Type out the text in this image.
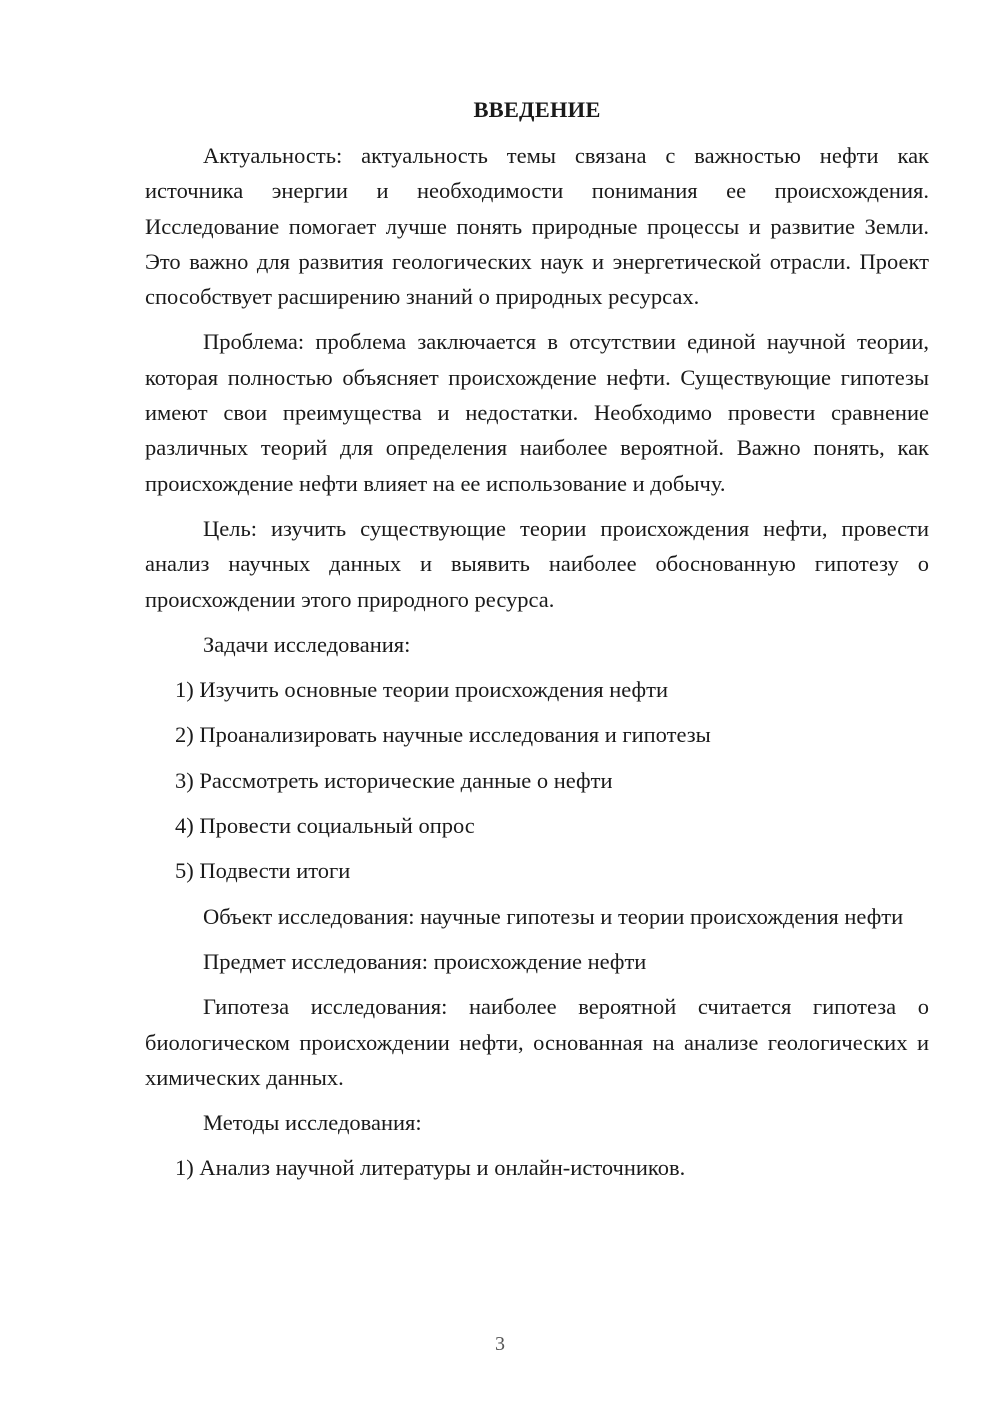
ВВЕДЕНИЕ

Актуальность: актуальность темы связана с важностью нефти как источника энергии и необходимости понимания ее происхождения. Исследование помогает лучше понять природные процессы и развитие Земли. Это важно для развития геологических наук и энергетической отрасли. Проект способствует расширению знаний о природных ресурсах.

Проблема: проблема заключается в отсутствии единой научной теории, которая полностью объясняет происхождение нефти. Существующие гипотезы имеют свои преимущества и недостатки. Необходимо провести сравнение различных теорий для определения наиболее вероятной. Важно понять, как происхождение нефти влияет на ее использование и добычу.

Цель: изучить существующие теории происхождения нефти, провести анализ научных данных и выявить наиболее обоснованную гипотезу о происхождении этого природного ресурса.

Задачи исследования:

1) Изучить основные теории происхождения нефти
2) Проанализировать научные исследования и гипотезы
3) Рассмотреть исторические данные о нефти
4) Провести социальный опрос
5) Подвести итоги

Объект исследования: научные гипотезы и теории происхождения нефти

Предмет исследования: происхождение нефти

Гипотеза исследования: наиболее вероятной считается гипотеза о биологическом происхождении нефти, основанная на анализе геологических и химических данных.

Методы исследования:

1) Анализ научной литературы и онлайн-источников.
3
